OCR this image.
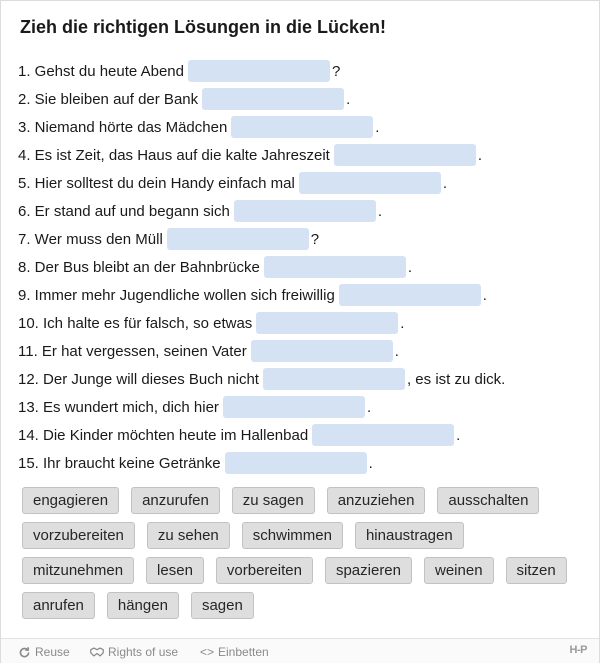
Zieh die richtigen Lösungen in die Lücken!
1. Gehst du heute Abend	?
2. Sie bleiben auf der Bank	.
3. Niemand hörte das Mädchen	.
4. Es ist Zeit, das Haus auf die kalte Jahreszeit	.
5. Hier solltest du dein Handy einfach mal	.
6. Er stand auf und begann sich	.
7. Wer muss den Müll	?
8. Der Bus bleibt an der Bahnbrücke	.
9. Immer mehr Jugendliche wollen sich freiwillig	.
10. Ich halte es für falsch, so etwas	.
11. Er hat vergessen, seinen Vater	.
12. Der Junge will dieses Buch nicht	, es ist zu dick.
13. Es wundert mich, dich hier	.
14. Die Kinder möchten heute im Hallenbad	.
15. Ihr braucht keine Getränke	.
engagieren	anzurufen	zu sagen	anzuziehen	ausschalten
vorzubereiten	zu sehen	schwimmen	hinaustragen
mitzunehmen	lesen	vorbereiten	spazieren	weinen	sitzen
anrufen	hängen	sagen
Reuse	Rights of use <> Einbetten	H-P
